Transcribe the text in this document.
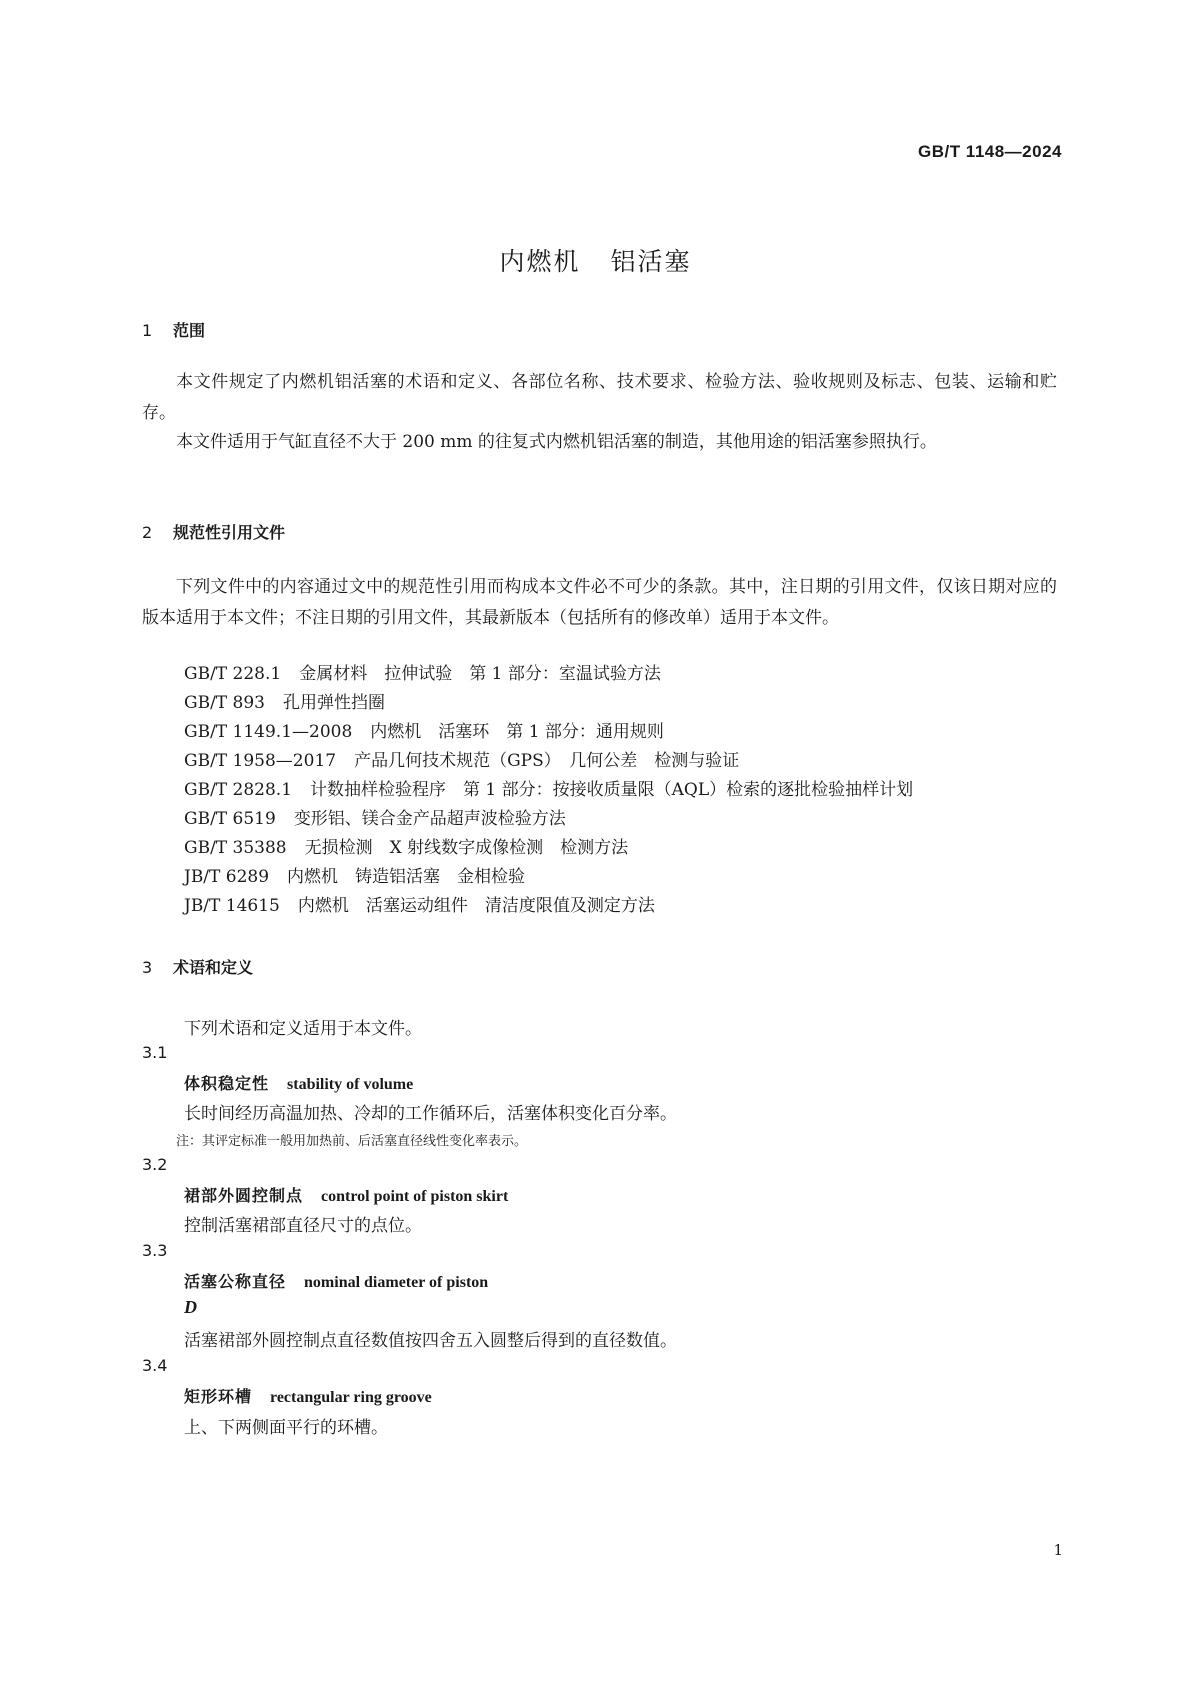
GB/T 1148—2024
内燃机 铝活塞
1 范围
本文件规定了内燃机铝活塞的术语和定义、各部位名称、技术要求、检验方法、验收规则及标志、包装、运输和贮存。
本文件适用于气缸直径不大于 200 mm 的往复式内燃机铝活塞的制造，其他用途的铝活塞参照执行。
2 规范性引用文件
下列文件中的内容通过文中的规范性引用而构成本文件必不可少的条款。其中，注日期的引用文件，仅该日期对应的版本适用于本文件；不注日期的引用文件，其最新版本（包括所有的修改单）适用于本文件。
GB/T 228.1 金属材料　拉伸试验　第 1 部分：室温试验方法
GB/T 893 孔用弹性挡圈
GB/T 1149.1—2008 内燃机　活塞环　第 1 部分：通用规则
GB/T 1958—2017 产品几何技术规范（GPS）　几何公差　检测与验证
GB/T 2828.1 计数抽样检验程序　第 1 部分：按接收质量限（AQL）检索的逐批检验抽样计划
GB/T 6519 变形铝、镁合金产品超声波检验方法
GB/T 35388 无损检测　X 射线数字成像检测　检测方法
JB/T 6289 内燃机　铸造铝活塞　金相检验
JB/T 14615 内燃机　活塞运动组件　清洁度限值及测定方法
3 术语和定义
下列术语和定义适用于本文件。
3.1
体积稳定性 stability of volume
长时间经历高温加热、冷却的工作循环后，活塞体积变化百分率。
注：其评定标准一般用加热前、后活塞直径线性变化率表示。
3.2
裙部外圆控制点 control point of piston skirt
控制活塞裙部直径尺寸的点位。
3.3
活塞公称直径 nominal diameter of piston
D
活塞裙部外圆控制点直径数值按四舍五入圆整后得到的直径数值。
3.4
矩形环槽 rectangular ring groove
上、下两侧面平行的环槽。
1
